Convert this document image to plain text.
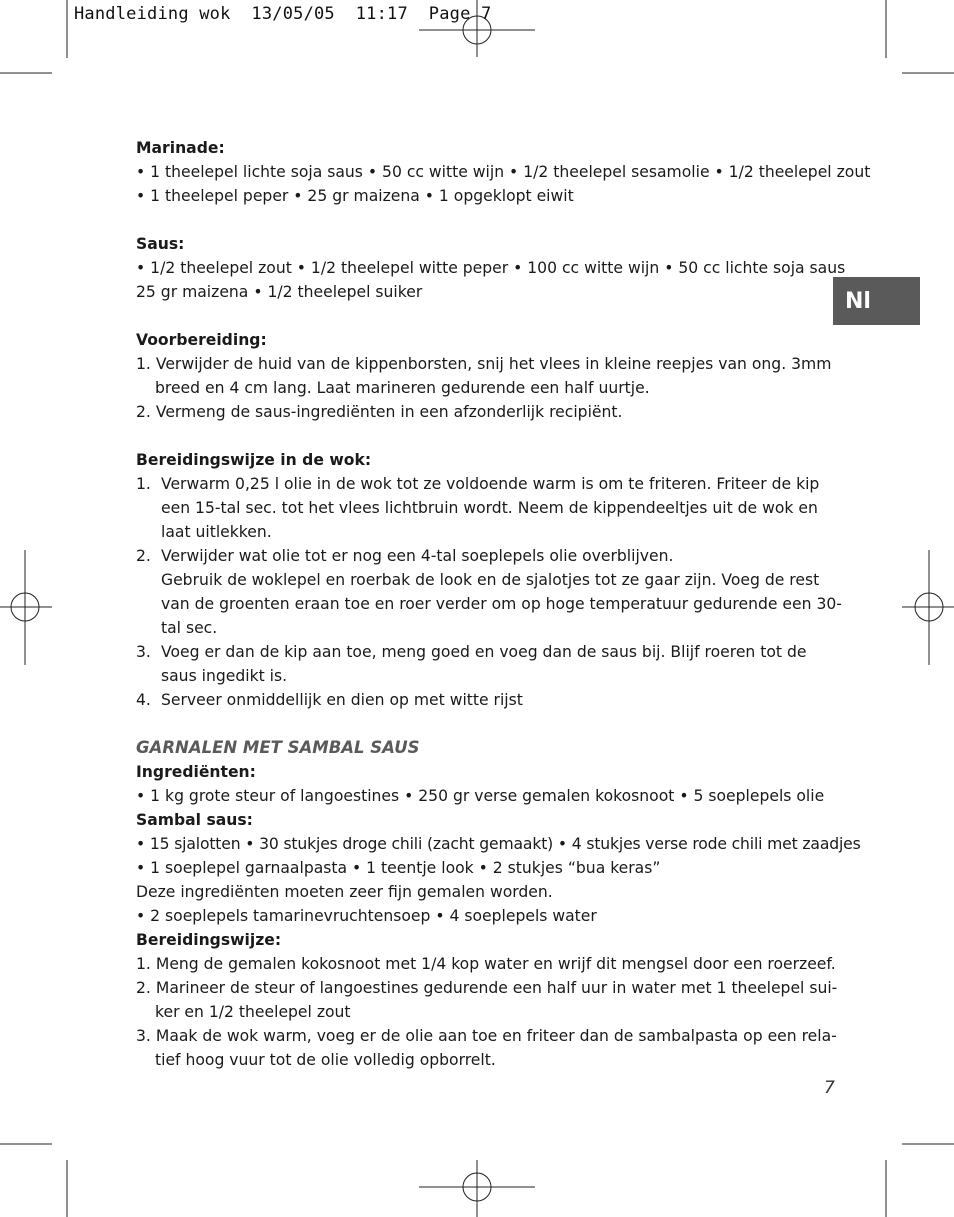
Handleiding wok  13/05/05  11:17  Page 7
Nl
Marinade:
• 1 theelepel lichte soja saus • 50 cc witte wijn • 1/2 theelepel sesamolie • 1/2 theelepel zout
• 1 theelepel peper • 25 gr maizena • 1 opgeklopt eiwit
Saus:
• 1/2 theelepel zout • 1/2 theelepel witte peper • 100 cc witte wijn • 50 cc lichte soja saus
25 gr maizena • 1/2 theelepel suiker
Voorbereiding:
1. Verwijder de huid van de kippenborsten, snij het vlees in kleine reepjes van ong. 3mm
breed en 4 cm lang. Laat marineren gedurende een half uurtje.
2. Vermeng de saus-ingrediënten in een afzonderlijk recipiënt.
Bereidingswijze in de wok:
1. Verwarm 0,25 l olie in de wok tot ze voldoende warm is om te friteren. Friteer de kip
een 15-tal sec. tot het vlees lichtbruin wordt. Neem de kippendeeltjes uit de wok en
laat uitlekken.
2. Verwijder wat olie tot er nog een 4-tal soeplepels olie overblijven.
Gebruik de woklepel en roerbak de look en de sjalotjes tot ze gaar zijn. Voeg de rest
van de groenten eraan toe en roer verder om op hoge temperatuur gedurende een 30-
tal sec.
3. Voeg er dan de kip aan toe, meng goed en voeg dan de saus bij. Blijf roeren tot de
saus ingedikt is.
4. Serveer onmiddellijk en dien op met witte rijst
GARNALEN MET SAMBAL SAUS
Ingrediënten:
• 1 kg grote steur of langoestines • 250 gr verse gemalen kokosnoot • 5 soeplepels olie
Sambal saus:
• 15 sjalotten • 30 stukjes droge chili (zacht gemaakt) • 4 stukjes verse rode chili met zaadjes
• 1 soeplepel garnaalpasta • 1 teentje look • 2 stukjes “bua keras”
Deze ingrediënten moeten zeer fijn gemalen worden.
• 2 soeplepels tamarinevruchtensoep • 4 soeplepels water
Bereidingswijze:
1. Meng de gemalen kokosnoot met 1/4 kop water en wrijf dit mengsel door een roerzeef.
2. Marineer de steur of langoestines gedurende een half uur in water met 1 theelepel sui-
ker en 1/2 theelepel zout
3. Maak de wok warm, voeg er de olie aan toe en friteer dan de sambalpasta op een rela-
tief hoog vuur tot de olie volledig opborrelt.
7
